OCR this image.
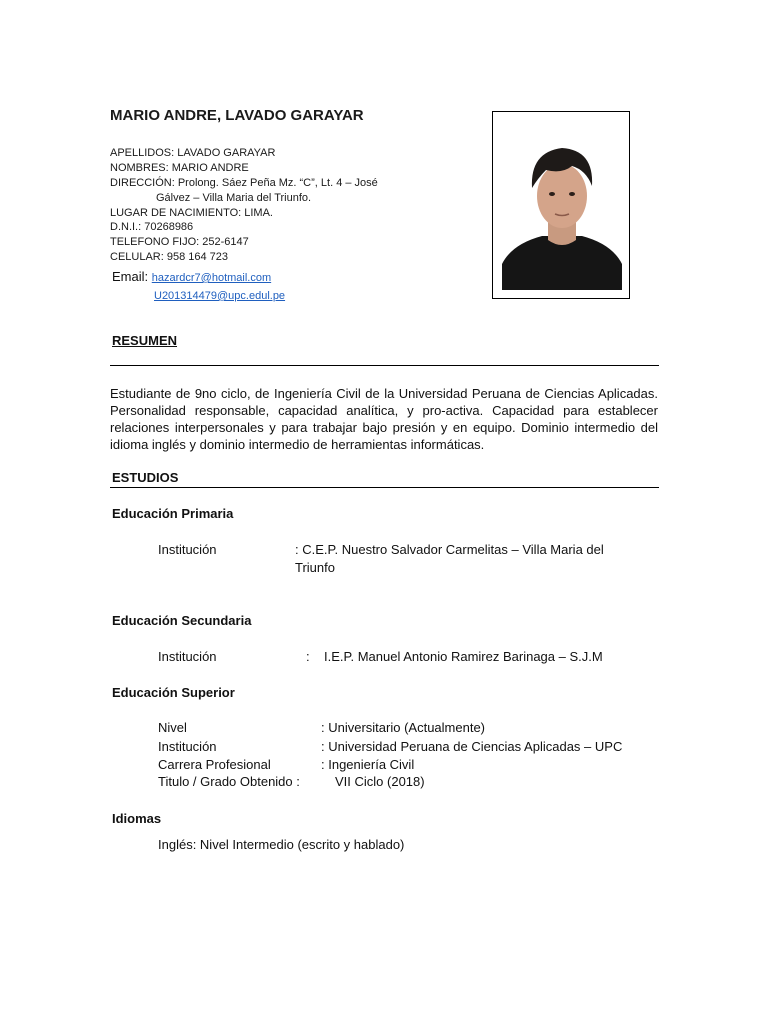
MARIO ANDRE, LAVADO GARAYAR
APELLIDOS: LAVADO GARAYAR
NOMBRES: MARIO ANDRE
DIRECCIÓN: Prolong. Sáez Peña Mz. “C”, Lt. 4 – José
Gálvez – Villa Maria del Triunfo.
LUGAR DE NACIMIENTO: LIMA.
D.N.I.: 70268986
TELEFONO FIJO: 252-6147
CELULAR: 958 164 723
Email: hazardcr7@hotmail.com
U201314479@upc.edul.pe
RESUMEN
Estudiante de 9no ciclo, de Ingeniería Civil de la Universidad Peruana de Ciencias Aplicadas. Personalidad responsable, capacidad analítica, y pro-activa. Capacidad para establecer relaciones interpersonales y para trabajar bajo presión y en equipo. Dominio intermedio del idioma inglés y dominio intermedio de herramientas informáticas.
ESTUDIOS
Educación Primaria
Institución	: C.E.P. Nuestro Salvador Carmelitas – Villa Maria del
Triunfo
Educación Secundaria
Institución	: I.E.P. Manuel Antonio Ramirez Barinaga – S.J.M
Educación Superior
Nivel	: Universitario (Actualmente)
Institución	: Universidad Peruana de Ciencias Aplicadas – UPC
Carrera Profesional	: Ingeniería Civil
Titulo / Grado Obtenido :	VII Ciclo (2018)
Idiomas
Inglés: Nivel Intermedio (escrito y hablado)
